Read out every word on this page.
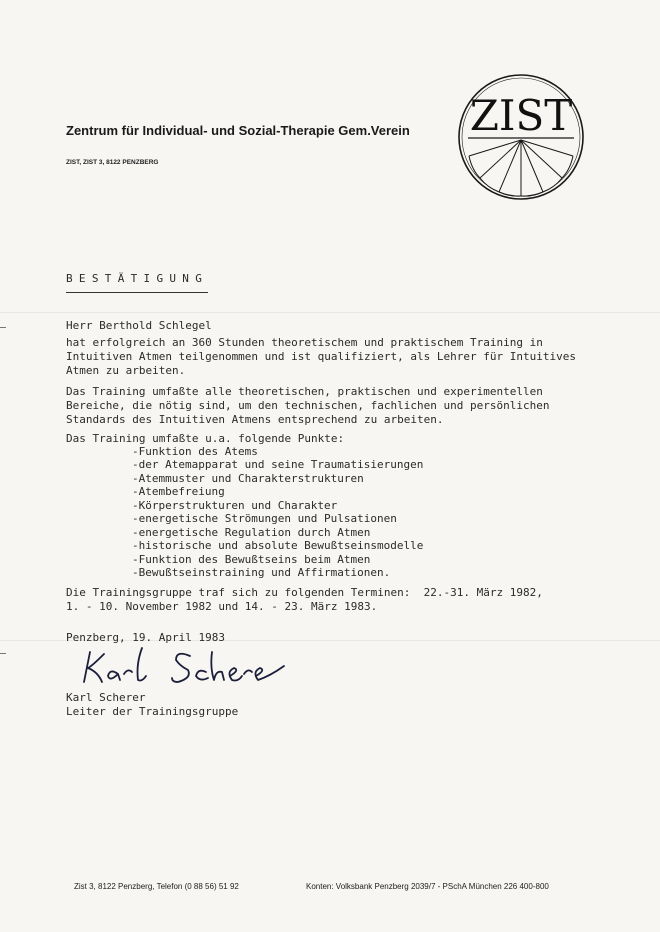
Zentrum für Individual- und Sozial-Therapie Gem.Verein
ZIST, ZIST 3, 8122 PENZBERG
ZIST
BESTÄTIGUNG
Herr Berthold Schlegel
hat erfolgreich an 360 Stunden theoretischem und praktischem Training in
Intuitiven Atmen teilgenommen und ist qualifiziert, als Lehrer für Intuitives
Atmen zu arbeiten.
Das Training umfaßte alle theoretischen, praktischen und experimentellen
Bereiche, die nötig sind, um den technischen, fachlichen und persönlichen
Standards des Intuitiven Atmens entsprechend zu arbeiten.
Das Training umfaßte u.a. folgende Punkte:
-Funktion des Atems
-der Atemapparat und seine Traumatisierungen
-Atemmuster und Charakterstrukturen
-Atembefreiung
-Körperstrukturen und Charakter
-energetische Strömungen und Pulsationen
-energetische Regulation durch Atmen
-historische und absolute Bewußtseinsmodelle
-Funktion des Bewußtseins beim Atmen
-Bewußtseinstraining und Affirmationen.
Die Trainingsgruppe traf sich zu folgenden Terminen:  22.-31. März 1982,
1. - 10. November 1982 und 14. - 23. März 1983.
Penzberg, 19. April 1983
Karl Scherer
Karl Scherer
Leiter der Trainingsgruppe
Zist 3, 8122 Penzberg, Telefon (0 88 56) 51 92	Konten: Volksbank Penzberg 2039/7 - PSchA München 226 400-800
